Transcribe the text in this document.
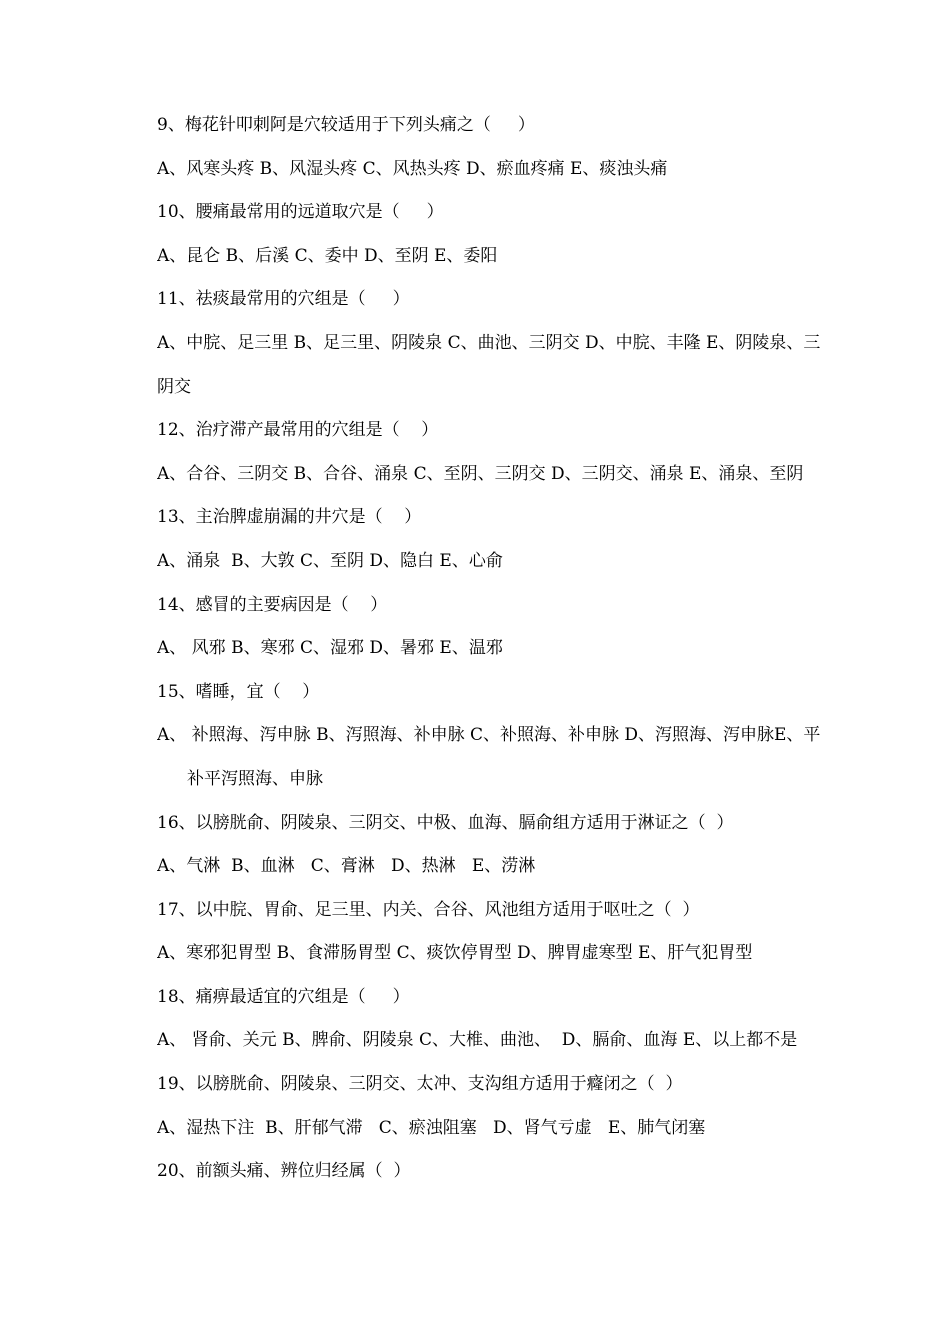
9、梅花针叩刺阿是穴较适用于下列头痛之（     ）
A、风寒头疼 B、风湿头疼 C、风热头疼 D、瘀血疼痛 E、痰浊头痛
10、腰痛最常用的远道取穴是（     ）
A、昆仑 B、后溪 C、委中 D、至阴 E、委阳
11、祛痰最常用的穴组是（     ）
A、中脘、足三里 B、足三里、阴陵泉 C、曲池、三阴交 D、中脘、丰隆 E、阴陵泉、三
阴交
12、治疗滞产最常用的穴组是（    ）
A、合谷、三阴交 B、合谷、涌泉 C、至阴、三阴交 D、三阴交、涌泉 E、涌泉、至阴
13、主治脾虚崩漏的井穴是（    ）
A、涌泉  B、大敦 C、至阴 D、隐白 E、心俞
14、感冒的主要病因是（    ）
A、 风邪 B、寒邪 C、湿邪 D、暑邪 E、温邪
15、嗜睡，宜（    ）
A、 补照海、泻申脉 B、泻照海、补申脉 C、补照海、补申脉 D、泻照海、泻申脉E、平
补平泻照海、申脉
16、以膀胱俞、阴陵泉、三阴交、中极、血海、膈俞组方适用于淋证之（  ）
A、气淋  B、血淋   C、膏淋   D、热淋   E、涝淋
17、以中脘、胃俞、足三里、内关、合谷、风池组方适用于呕吐之（  ）
A、寒邪犯胃型 B、食滞肠胃型 C、痰饮停胃型 D、脾胃虚寒型 E、肝气犯胃型
18、痛痹最适宜的穴组是（     ）
A、 肾俞、关元 B、脾俞、阴陵泉 C、大椎、曲池、  D、膈俞、血海 E、以上都不是
19、以膀胱俞、阴陵泉、三阴交、太冲、支沟组方适用于癃闭之（  ）
A、湿热下注  B、肝郁气滞   C、瘀浊阻塞   D、肾气亏虚   E、肺气闭塞
20、前额头痛、辨位归经属（  ）
